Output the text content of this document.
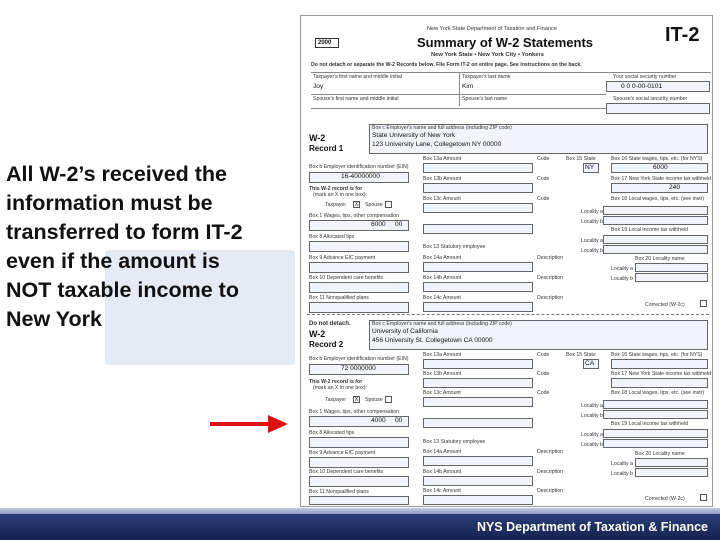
All W-2’s received the information must be transferred to form IT-2 even if the amount is NOT taxable income to New York
2000
New York State Department of Taxation and Finance
Summary of W-2 Statements
New York State • New York City • Yonkers
IT-2
Do not detach or separate the W-2 Records below. File Form IT-2 on entire page. See instructions on the back.
Taxpayer's first name and middle initial
Joy
Taxpayer's last name
Kim
Your social security number
0 0 0-00-0101
Spouse's first name and middle initial	Spouse's last name	Spouse's social security number
W-2
Record 1
Box c Employer's name and full address (including ZIP code)
State University of New York
123 University Lane, Collegetown NY 00000
Box b Employer identification number (EIN)
16-40000000
This W-2 record is for
(mark an X in one box):
Taxpayer X Spouse
Box 1 Wages, tips, other compensation
6000 00
Box 8 Allocated tips
Box 9 Advance EIC payment
Box 10 Dependent care benefits
Box 11 Nonqualified plans
Box 13a Amount	Code
Box 13b Amount	Code
Box 13c Amount	Code
Box 13 Statutory employee
Box 14a Amount	Description
Box 14b Amount	Description
Box 14c Amount	Description
Box 15 State
NY
Box 16 State wages, tips, etc. (for NYS)
6000
Box 17 New York State income tax withheld
240
Box 18 Local wages, tips, etc. (see instr)
Locality a
Locality b
Box 19 Local income tax withheld
Locality a
Locality b
Box 20 Locality name
Locality a
Locality b
Corrected (W-2c)
Do not detach.
W-2
Record 2
Box c Employer's name and full address (including ZIP code)
University of California
456 University St. Collegetown CA 00000
Box b Employer identification number (EIN)
72 0000000
This W-2 record is for
(mark an X in one box):
Taxpayer X Spouse
Box 1 Wages, tips, other compensation
4000 00
Box 8 Allocated tips
Box 9 Advance EIC payment
Box 10 Dependent care benefits
Box 11 Nonqualified plans
Box 13a Amount	Code
Box 13b Amount	Code
Box 13c Amount	Code
Box 13 Statutory employee
Box 14a Amount	Description
Box 14b Amount	Description
Box 14c Amount	Description
Box 15 State
CA
Box 16 State wages, tips, etc. (for NYS)
Box 17 New York State income tax withheld
Box 18 Local wages, tips, etc. (see instr)
Locality a
Locality b
Box 19 Local income tax withheld
Locality a
Locality b
Box 20 Locality name
Locality a
Locality b
Corrected (W-2c)
NYS Department of Taxation & Finance
